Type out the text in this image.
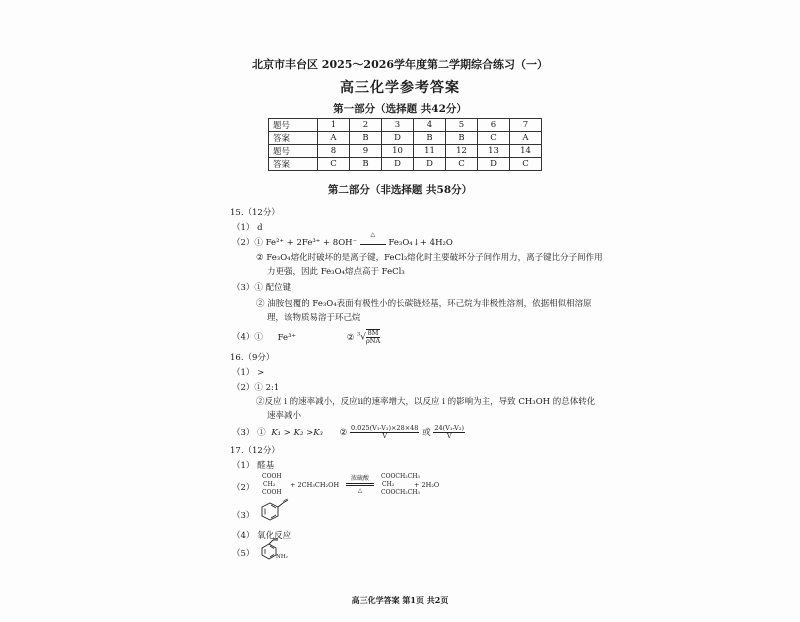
北京市丰台区 2025～2026学年度第二学期综合练习（一）
高三化学参考答案
第一部分（选择题 共42分）
题号	1	2	3	4	5	6	7
答案	A	B	D	B	B	C	A
题号	8	9	10	11	12	13	14
答案	C	B	D	D	C	D	C
第二部分（非选择题 共58分）
15.（12分）
（1） d
（2）① Fe²⁺ + 2Fe³⁺ + 8OH⁻
△
Fe₃O₄↓+ 4H₂O
② Fe₃O₄熔化时破坏的是离子键，FeCl₃熔化时主要破坏分子间作用力，离子键比分子间作用
力更强，因此 Fe₃O₄熔点高于 FeCl₃
（3）① 配位键
② 油胺包覆的 Fe₃O₄表面有极性小的长碳链烃基，环己烷为非极性溶剂，依据相似相溶原
理，该物质易溶于环己烷
（4）① Fe³⁺	② $^3√ \frac{8M}{\text{ρNA}}$
16.（9分）
（1） >
（2）① 2:1
②反应 i 的速率减小，反应ii的速率增大，以反应 i 的影响为主，导致 CH₃OH 的总体转化
速率减小
（3） ① K₁ > K₂ >K₃ ② $\frac{\text{0.025(V₁-V₂)×28×48}}{V}$ 或 $\frac{\text{24(V₁-V₂)}}{V}$
17.（12分）
（1） 醛基
（2）
COOH
CH₂
COOH
+ 2CH₃CH₂OH
浓硫酸
△
COOCH₂CH₃
CH₂
COOCH₂CH₃
+ 2H₂O
（3）
（4） 氧化反应
（5）	NH₂
高三化学答案 第1页 共2页
